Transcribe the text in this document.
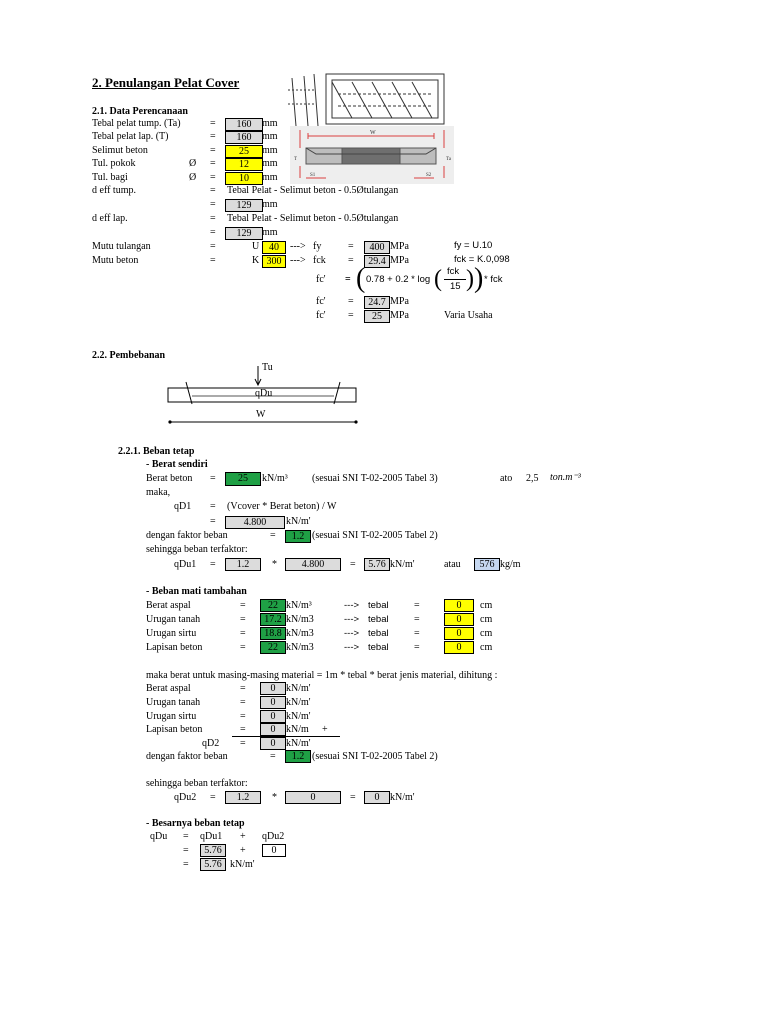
2. Penulangan Pelat Cover
W
T	Ta
S1	S2
2.1. Data Perencanaan
Tebal pelat tump. (Ta)	=	160	mm
Tebal pelat lap. (T)	=	160	mm
Selimut beton	=	25	mm
Tul. pokok	Ø =	12	mm
Tul. bagi	Ø =	10	mm
d eff tump.	= Tebal Pelat - Selimut beton - 0.5Øtulangan
=	129	mm
d eff lap.	= Tebal Pelat - Selimut beton - 0.5Øtulangan
=	129	mm
Mutu tulangan	=	U 40	---> fy	=	400 MPa	fy = U.10
Mutu beton	=	K 300 ---> fck =	29.4 MPa	fck = K.0,098
fc' = ( 0.78 + 0.2 * log ( fck
15 ) ) * fck
fc' =	24.7 MPa
fc' =	25 MPa	Varia Usaha
2.2. Pembebanan
Tu
qDu
W
2.2.1. Beban tetap
- Berat sendiri
Berat beton =	25	kN/m³ (sesuai SNI T-02-2005 Tabel 3)	ato 2,5 ton.m⁻³
maka,
qD1 = (Vcover * Berat beton) / W
=	4.800	kN/m'
dengan faktor beban	=	1.2 (sesuai SNI T-02-2005 Tabel 2)
sehingga beban terfaktor:
qDu1 =	1.2	*	4.800	=	5.76 kN/m'	atau	576 kg/m
- Beban mati tambahan
Berat aspal	=	22 kN/m³	---> tebal	=	0	cm
Urugan tanah	=	17.2 kN/m3	---> tebal	=	0	cm
Urugan sirtu	=	18.8 kN/m3	---> tebal	=	0	cm
Lapisan beton	=	22 kN/m3	---> tebal	=	0	cm
maka berat untuk masing-masing material = 1m * tebal * berat jenis material, dihitung :
Berat aspal	=	0	kN/m'
Urugan tanah	=	0	kN/m'
Urugan sirtu	=	0	kN/m'
Lapisan beton	=	0	kN/m +
qD2 =	0	kN/m'
dengan faktor beban	=	1.2 (sesuai SNI T-02-2005 Tabel 2)
sehingga beban terfaktor:
qDu2 =	1.2	*	0	=	0	kN/m'
- Besarnya beban tetap
qDu = qDu1 + qDu2
=	5.76	+	0
=	5.76 kN/m'
